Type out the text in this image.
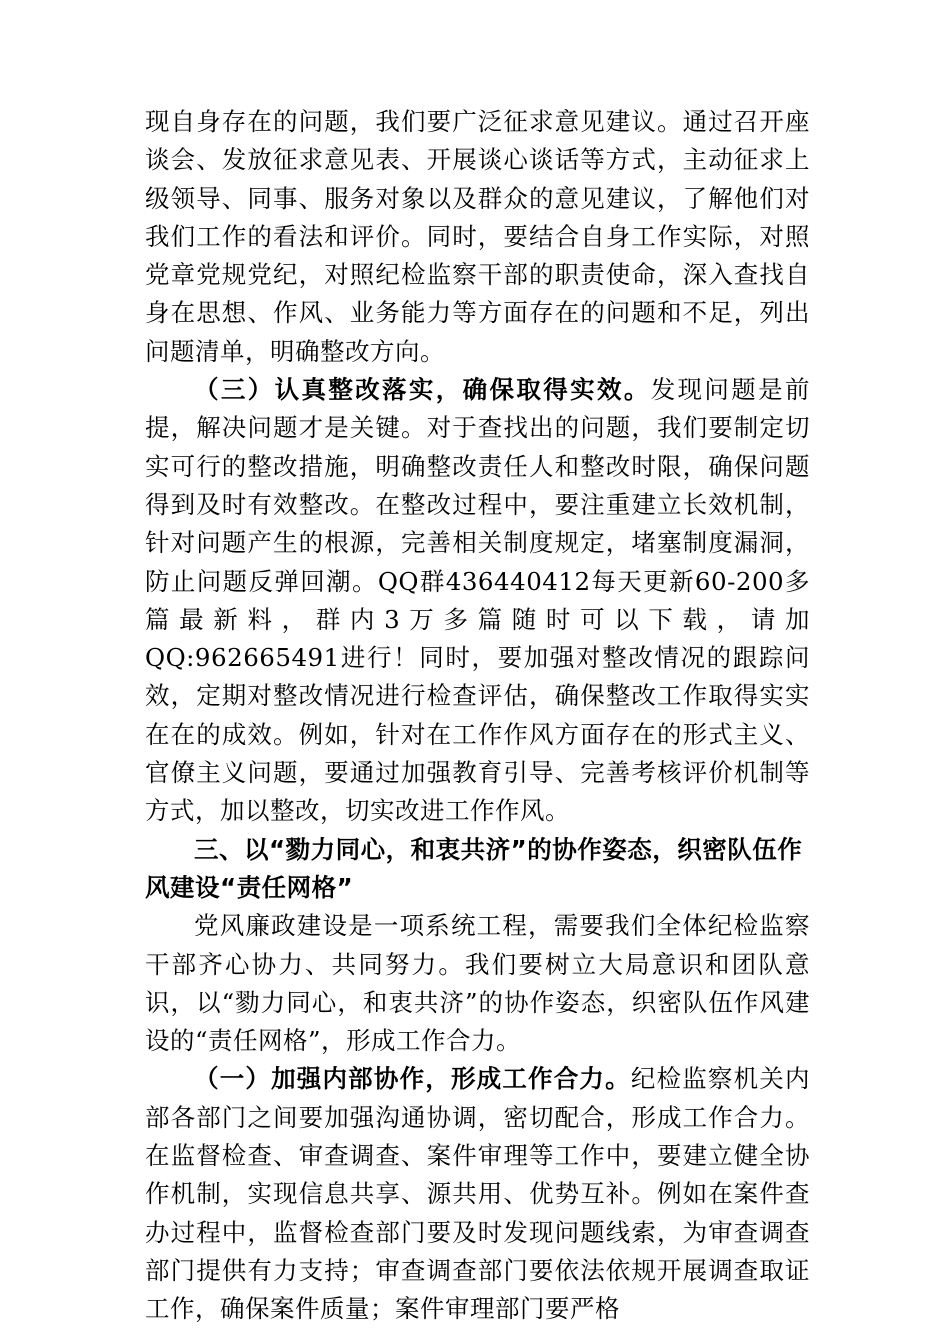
现自身存在的问题，我们要广泛征求意见建议。通过召开座谈会、发放征求意见表、开展谈心谈话等方式，主动征求上级领导、同事、服务对象以及群众的意见建议，了解他们对我们工作的看法和评价。同时，要结合自身工作实际，对照党章党规党纪，对照纪检监察干部的职责使命，深入查找自身在思想、作风、业务能力等方面存在的问题和不足，列出问题清单，明确整改方向。

（三）认真整改落实，确保取得实效。发现问题是前提，解决问题才是关键。对于查找出的问题，我们要制定切实可行的整改措施，明确整改责任人和整改时限，确保问题得到及时有效整改。在整改过程中，要注重建立长效机制，针对问题产生的根源，完善相关制度规定，堵塞制度漏洞，防止问题反弹回潮。QQ群436440412每天更新60-200多篇最新料，群内3万多篇随时可以下载，请加QQ:962665491进行！同时，要加强对整改情况的跟踪问效，定期对整改情况进行检查评估，确保整改工作取得实实在在的成效。例如，针对在工作作风方面存在的形式主义、官僚主义问题，要通过加强教育引导、完善考核评价机制等方式，加以整改，切实改进工作作风。

三、以“勠力同心，和衷共济”的协作姿态，织密队伍作风建设“责任网格”

党风廉政建设是一项系统工程，需要我们全体纪检监察干部齐心协力、共同努力。我们要树立大局意识和团队意识，以“勠力同心，和衷共济”的协作姿态，织密队伍作风建设的“责任网格”，形成工作合力。

（一）加强内部协作，形成工作合力。纪检监察机关内部各部门之间要加强沟通协调，密切配合，形成工作合力。在监督检查、审查调查、案件审理等工作中，要建立健全协作机制，实现信息共享、源共用、优势互补。例如在案件查办过程中，监督检查部门要及时发现问题线索，为审查调查部门提供有力支持；审查调查部门要依法依规开展调查取证工作，确保案件质量；案件审理部门要严格
